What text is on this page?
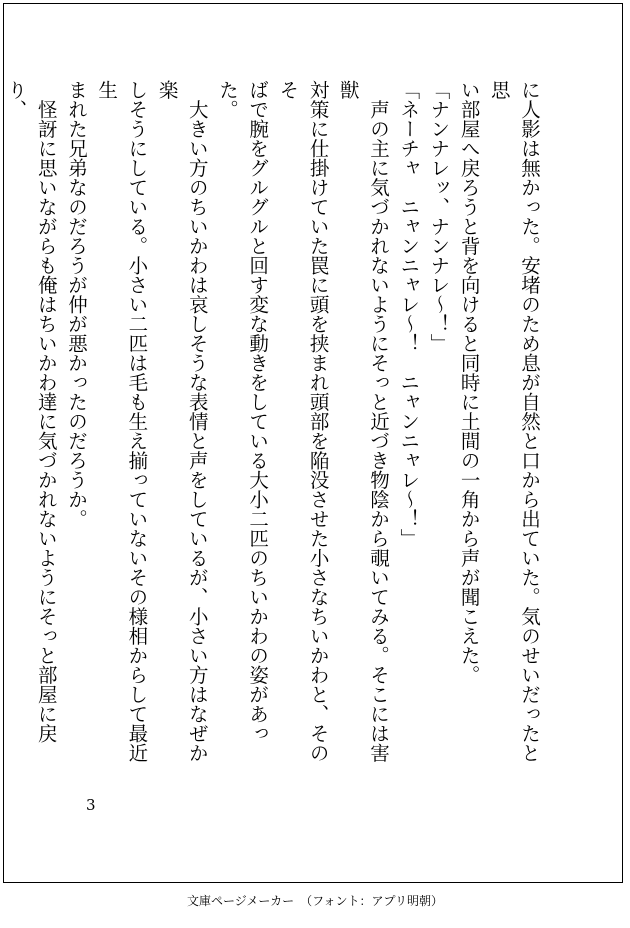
に人影は無かった。安堵のため息が自然と口から出ていた。気のせいだったと思

い部屋へ戻ろうと背を向けると同時に土間の一角から声が聞こえた。

「ナンナレッ、ナンナレ〜！」

「ネーチャ　ニャンニャレ〜！　ニャンニャレ〜！」

　声の主に気づかれないようにそっと近づき物陰から覗いてみる。そこには害獣

対策に仕掛けていた罠に頭を挟まれ頭部を陥没させた小さなちいかわと、そのそ

ばで腕をグルグルと回す変な動きをしている大小二匹のちいかわの姿があった。

　大きい方のちいかわは哀しそうな表情と声をしているが、小さい方はなぜか楽

しそうにしている。小さい二匹は毛も生え揃っていないその様相からして最近生

まれた兄弟なのだろうが仲が悪かったのだろうか。

　怪訝に思いながらも俺はちいかわ達に気づかれないようにそっと部屋に戻り、

3
文庫ページメーカー　（フォント：アプリ明朝）
